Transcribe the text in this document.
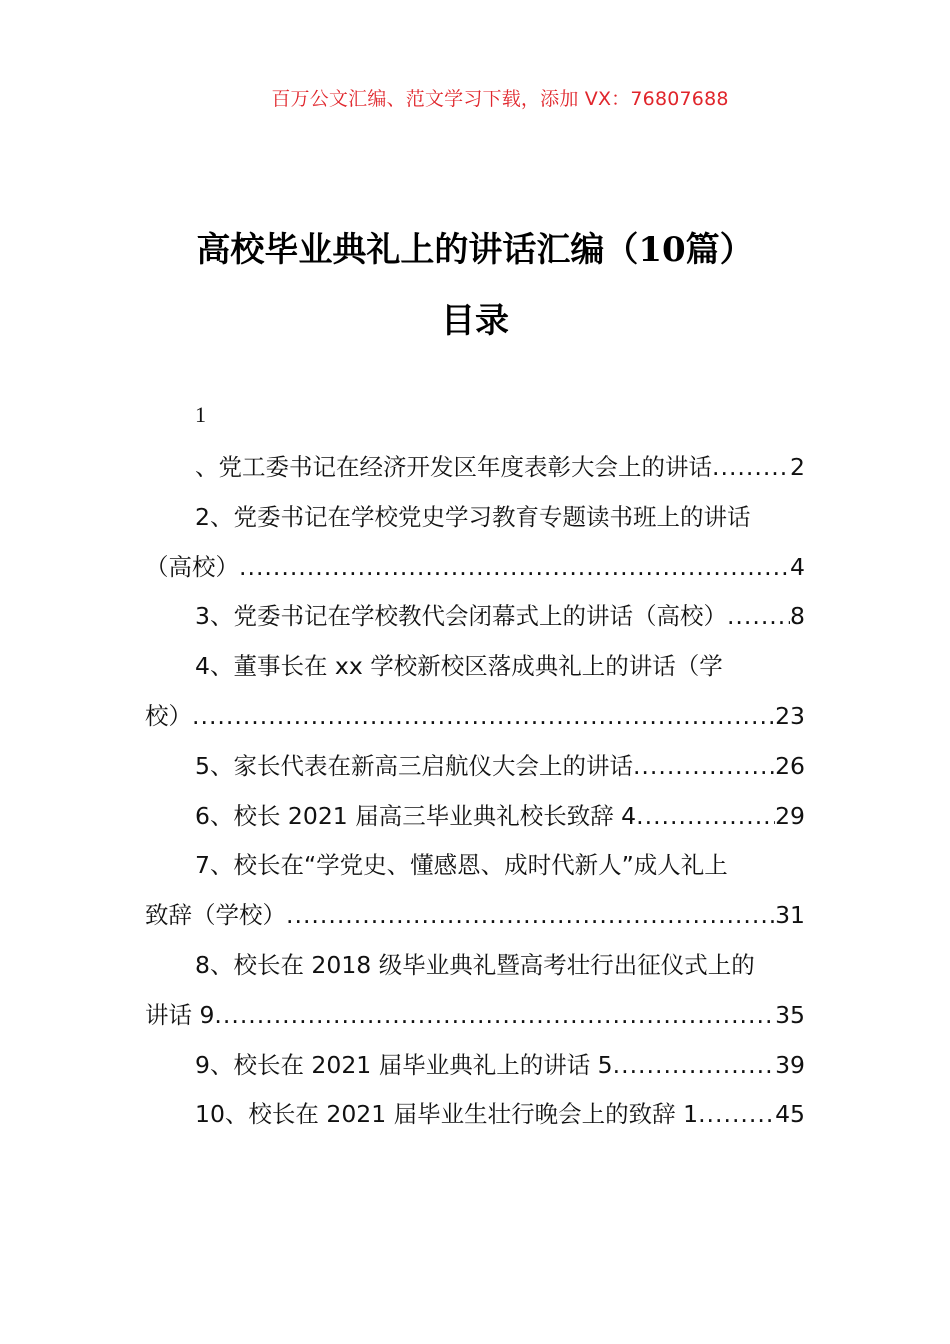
百万公文汇编、范文学习下载，添加 VX：76807688
高校毕业典礼上的讲话汇编（10篇）
目录
1
、党工委书记在经济开发区年度表彰大会上的讲话 .....	2
2、党委书记在学校党史学习教育专题读书班上的讲话
（高校） .....	4
3、党委书记在学校教代会闭幕式上的讲话（高校） .....	8
4、董事长在 xx 学校新校区落成典礼上的讲话（学
校） .....	23
5、家长代表在新高三启航仪大会上的讲话 .....	26
6、校长 2021 届高三毕业典礼校长致辞 4 .....	29
7、校长在“学党史、懂感恩、成时代新人”成人礼上
致辞（学校） .....	31
8、校长在 2018 级毕业典礼暨高考壮行出征仪式上的
讲话 9 .....	35
9、校长在 2021 届毕业典礼上的讲话 5 .....	39
10、校长在 2021 届毕业生壮行晚会上的致辞 1 .....	45
